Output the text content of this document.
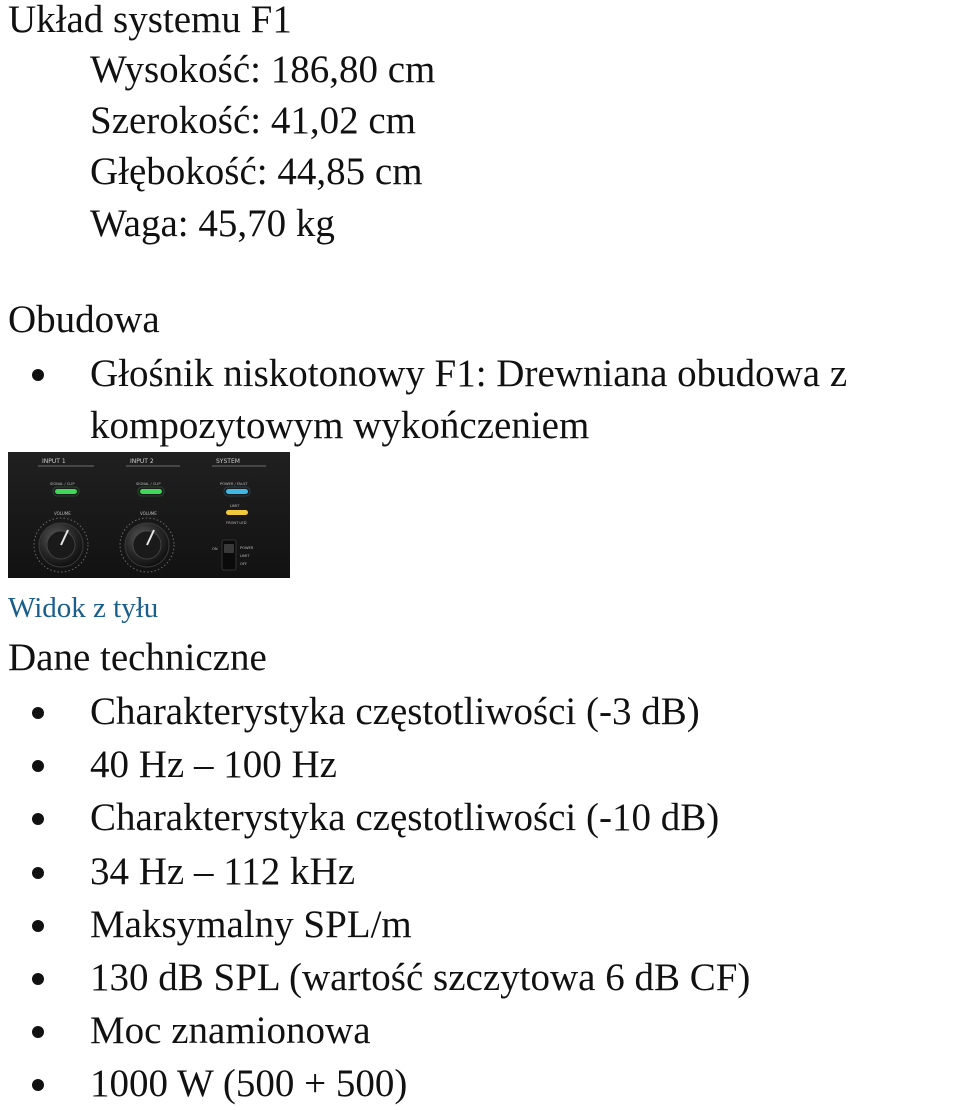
Układ systemu F1
Wysokość: 186,80 cm
Szerokość: 41,02 cm
Głębokość: 44,85 cm
Waga: 45,70 kg
Obudowa
Głośnik niskotonowy F1: Drewniana obudowa z
kompozytowym wykończeniem
INPUT 1	INPUT 2	SYSTEM
SIGNAL / CLIP	SIGNAL / CLIP	POWER / FAULT
VOLUME	VOLUME
LIMIT
FRONT LED
ON	POWER
LIMIT
OFF
Widok z tyłu
Dane techniczne
Charakterystyka częstotliwości (-3 dB)
40 Hz – 100 Hz
Charakterystyka częstotliwości (-10 dB)
34 Hz – 112 kHz
Maksymalny SPL/m
130 dB SPL (wartość szczytowa 6 dB CF)
Moc znamionowa
1000 W (500 + 500)
